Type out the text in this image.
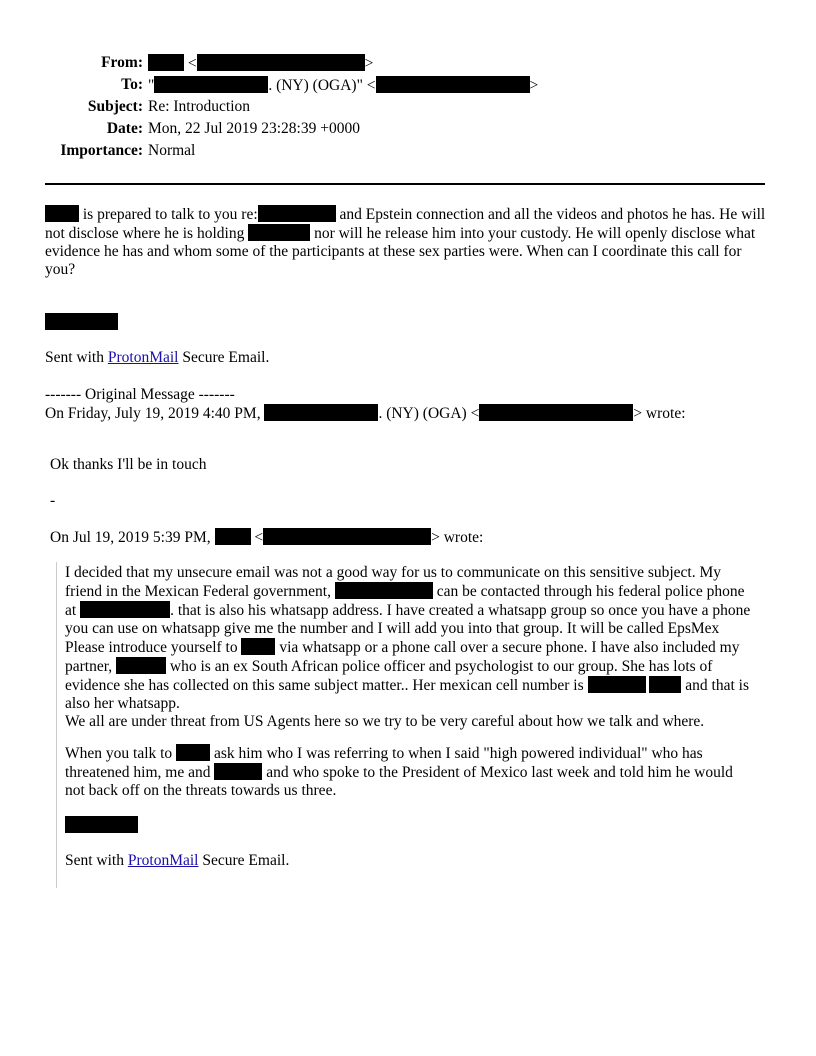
From:	<	>
To: "	. (NY) (OGA)" <	>
Subject: Re: Introduction
Date: Mon, 22 Jul 2019 23:28:39 +0000
Importance: Normal
is prepared to talk to you re:	and Epstein connection and all the videos and photos he has. He will not disclose where he is holding	nor will he release him into your custody. He will openly disclose what evidence he has and whom some of the participants at these sex parties were. When can I coordinate this call for you?
Sent with ProtonMail Secure Email.
------- Original Message -------
On Friday, July 19, 2019 4:40 PM,	. (NY) (OGA) <	> wrote:
Ok thanks I'll be in touch
-
On Jul 19, 2019 5:39 PM,  <	> wrote:
I decided that my unsecure email was not a good way for us to communicate on this sensitive subject. My friend in the Mexican Federal government,	can be contacted through his federal police phone at	. that is also his whatsapp address. I have created a whatsapp group so once you have a phone you can use on whatsapp give me the number and I will add you into that group. It will be called EpsMex Please introduce yourself to  via whatsapp or a phone call over a secure phone. I have also included my partner,	who is an ex South African police officer and psychologist to our group. She has lots of evidence she has collected on this same subject matter.. Her mexican cell number is	and that is also her whatsapp.
We all are under threat from US Agents here so we try to be very careful about how we talk and where.
When you talk to  ask him who I was referring to when I said "high powered individual" who has threatened him, me and	and who spoke to the President of Mexico last week and told him he would not back off on the threats towards us three.
Sent with ProtonMail Secure Email.
